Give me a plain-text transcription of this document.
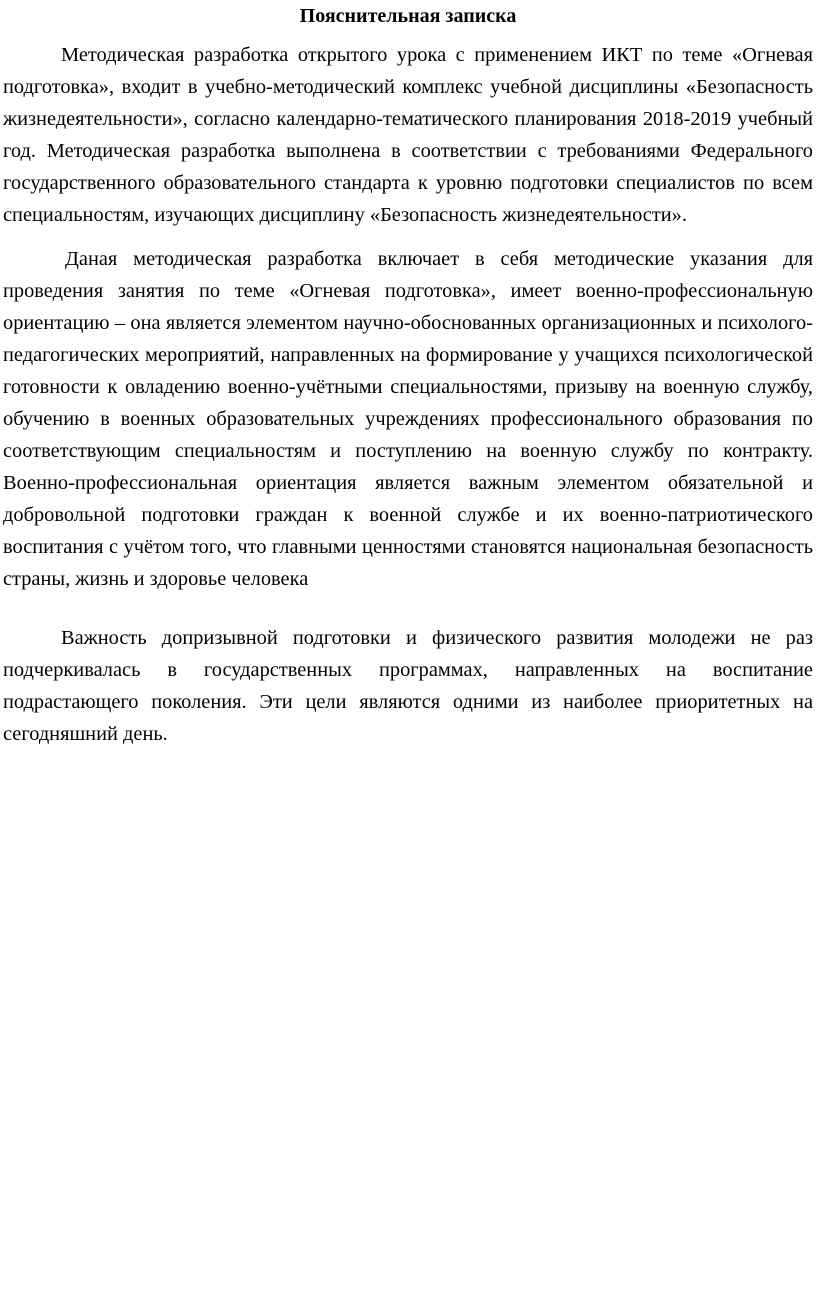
Пояснительная записка

Методическая разработка открытого урока с применением ИКТ по теме «Огневая подготовка», входит в учебно-методический комплекс учебной дисциплины «Безопасность жизнедеятельности», согласно календарно-тематического планирования 2018-2019 учебный год. Методическая разработка выполнена в соответствии с требованиями Федерального государственного образовательного стандарта к уровню подготовки специалистов по всем специальностям, изучающих дисциплину «Безопасность жизнедеятельности».

Даная методическая разработка включает в себя методические указания для проведения занятия по теме «Огневая подготовка», имеет военно-профессиональную ориентацию – она является элементом научно-обоснованных организационных и психолого-педагогических мероприятий, направленных на формирование у учащихся психологической готовности к овладению военно-учётными специальностями, призыву на военную службу, обучению в военных образовательных учреждениях профессионального образования по соответствующим специальностям и поступлению на военную службу по контракту. Военно-профессиональная ориентация является важным элементом обязательной и добровольной подготовки граждан к военной службе и их военно-патриотического воспитания с учётом того, что главными ценностями становятся национальная безопасность страны, жизнь и здоровье человека

Важность допризывной подготовки и физического развития молодежи не раз подчеркивалась в государственных программах, направленных на воспитание подрастающего поколения. Эти цели являются одними из наиболее приоритетных на сегодняшний день.
